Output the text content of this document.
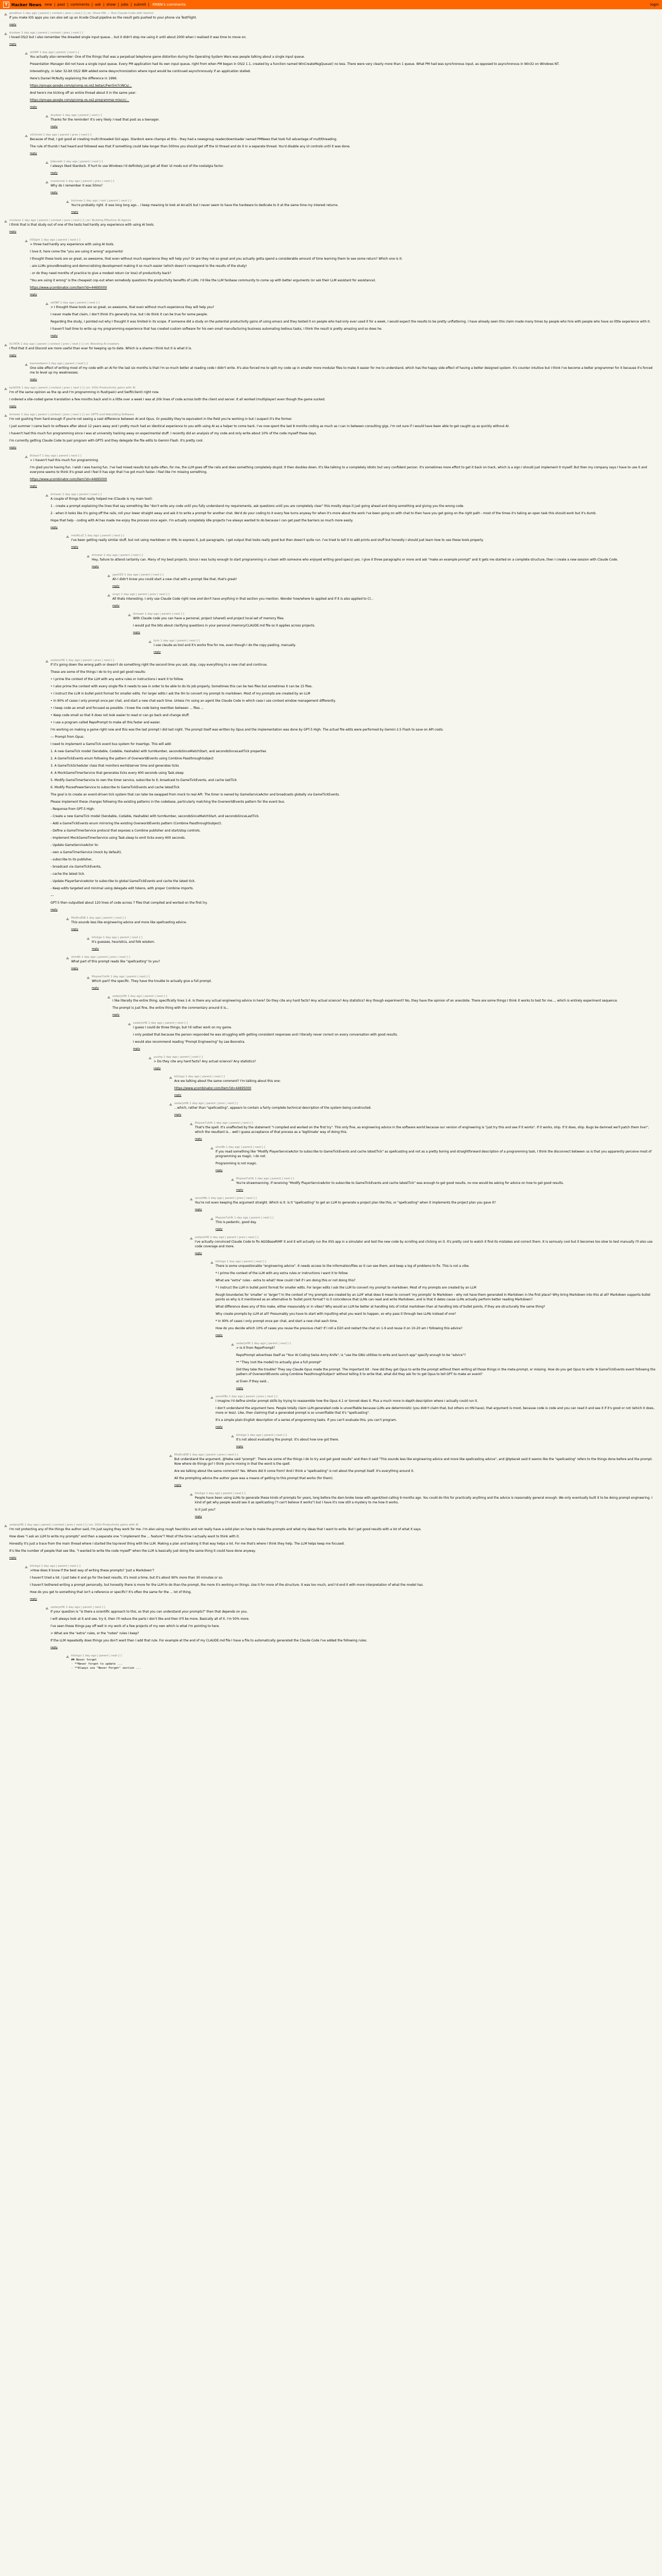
Y Hacker News new | past | comments | ask | show | jobs | submit | RRBN's comments	login
jprobtion 1 day ago | parent | context | prev | next [-] | on: Show HN: — Run Claude Code with Gemini

If you make iOS apps you can also set up an Xcode Cloud pipeline so the result gets pushed to your phone via TestFlight.

reply
drydeer 1 day ago | parent | context | prev | next [-]

I loved OS/2 but I also remember the dreaded single input queue... but it didn't stop me using it until about 2000 when I realised it was time to move on.

reply
sk0NP 1 day ago | parent | next [-]

You actually also remember: One of the things that was a perpetual telephone game distortion during the Operating System Wars was people talking about a single input queue.

Presentation Manager did not have a single input queue. Every PM application had its own input queue, right from when PM began in OS/2 1.1, created by a function named WinCreateMsgQueue() no less. There were very clearly more than 1 queue. What PM had was synchronous input, as opposed to asynchronous in Win32 on Windows NT.

Interestingly, in later 32-bit OS/2 IBM added some desynchronization where input would be continued asynchronously if an application stalled.

Here's Daniel McNulty explaining the difference in 1996:

https://groups.google.com/g/comp.os.os2.beta/c/Fwn5m7ciNCs/...

And here's me kicking off an entire thread about it in the same year:

https://groups.google.com/g/comp.os.os2.programmer.misc/c/...

reply
drydeer 1 day ago | parent | next [-]

Thanks for the reminder! It's very likely I read that post as a teenager.

reply
vOntroid 1 day ago | parent | prev | next [-]

Because of that, I got good at creating multi-threaded GUI apps. Stardock were champs at this - they had a newsgroup reader/downloader named PMNews that took full advantage of multithreading.

The rule of thumb I had heard and followed was that if something could take longer than 500ms you should get off the UI thread and do it in a separate thread. You'd disable any UI controls until it was done.

reply
tjdevwbi 1 day ago | parent | next [-]

I always liked Stardock. If hurt to use Windows I'd definitely just get all their UI mods out of the nostalgia factor.

reply
scarecrow 1 day ago | parent | prev | next [-]

Why do I remember it was 50ms?

reply
bluhnee 1 day ago | root | parent | next [-]

You're probably right. It was long long ago... I keep meaning to look at ArcaOS but I never seem to have the hardware to dedicate to it at the same time my interest returns.

reply
mrsteve 1 day ago | parent | context | prev | next [-] | on: Building Effective AI Agents

I think that is that study out of one of the tests had hardly any experience with using AI tools.

reply
tOOgrk 1 day ago | parent | next [-]

> three had hardly any experience with using AI tools.

I love it, here come the "you are using it wrong" arguments!

I thought these tools are so great, so awesome, that even without much experience they will help you? Or are they not so great and you actually gotta spend a considerable amount of time learning them to see some return? Which one is it:

- are LLMs groundbreaking and democratizing development making it so much easier (which doesn't correspond to the results of the study)

- or do they need months of practice to give a modest return (or loss) of productivity back?

"You are using it wrong" is the cheapest cop-out when somebody questions the productivity benefits of LLMs. I'd like the LLM fanbase community to come up with better arguments (or ask their LLM assistant for assistance).

https://www.ycombinator.com/item?id=44695000

reply
sk0NP 1 day ago | parent | next [-]

> I thought these tools are so great, so awesome, that even without much experience they will help you?

I never made that claim, I don't think it's generally true, but I do think it can be true for some people.

Regarding the study, I pointed out why I thought it was limited in its scope. If someone did a study on the potential productivity gains of using emacs and they tested it on people who had only ever used it for a week, I would expect the results to be pretty unflattering. I have already seen this claim made many times by people who hire with people who have so little experience with it.

I haven't had time to write up my programming experience that has created custom software for his own small manufacturing business automating tedious tasks, I think the result is pretty amazing and so does he.

reply
0x7KTA 1 day ago | parent | context | prev | next [-] | on: Blocking AI crawlers

I find that it and Discord are more useful than ever for keeping up to date. Which is a shame I think but it is what it is.

reply
kesmeskemi 1 day ago | parent | next [-]

One side effect of writing most of my code with an AI for the last six months is that I'm so much better at reading code I didn't write. It's also forced me to split my code up in smaller more modular files to make it easier for me to understand, which has the happy side effect of having a better designed system. It's counter intuitive but I think I've become a better programmer for it because it's forced me to level up my weaknesses.

reply
kpdOOk 1 day ago | parent | context | prev | next [-] | on: 100x Productivity gains with AI

I'm of the same opinion as the op and I'm programming in Rust(pain) and Swift(client) right now.

I ordered a site-coded game translation a few months back and in a little over a week I was at 20k lines of code across both the client and server. It all worked (multiplayer) even though the game sucked.

reply
drmawr 1 day ago | parent | context | prev | next [-] | on: GPT5 and Rebuilding Software

I'm not gushing from hard enough if you're not seeing a vast difference between AI and Opus. Or possibly they're equivalent in the field you're working in but I suspect it's the former.

I just summer I came back to software after about 12 years away and I pretty much had an identical experience to you with using AI as a helper to come back. I've now spent the last 8 months coding as much as I can in between consulting gigs. I'm not sure if I would have been able to get caught up as quickly without AI.

I haven't had this much fun programming since I was at university hacking away on experimental stuff. I recently did an analysis of my code and only write about 10% of the code myself these days.

I'm currently getting Claude Code to pair program with GPT5 and they delegate the file edits to Gemini Flash. It's pretty cool.

reply
8cbasrT 1 day ago | parent | next [-]

> I haven't had this much fun programming

I'm glad you're having fun. I wish I was having fun. I've had mixed results but quite often, for me, the LLM goes off the rails and does something completely stupid. It then doubles down. It's like talking to a completely idiotic but very confident person. It's sometimes more effort to get it back on track, which is a sign I should just implement it myself. But then my company says I have to use it and everyone seems to think it's great and I feel it has sign that I've got much faster. I feel like I'm missing something.

https://www.ycombinator.com/item?id=44695000

reply
drmawr 1 day ago | parent | next [-]

A couple of things that really helped me (Claude is my main tool):

1 - create a prompt explaining the lines that say something like "don't write any code until you fully understand my requirements, ask questions until you are completely clear" this mostly stops it just going ahead and doing something and giving you the wrong code.

2 - when it looks like it's going off the rails, roll your lower straight away and ask it to write a prompt for another chat. We'd do your coding to it every few turns anyway for when it's more about the work I've been going on with chat to then have you get going on the right path - most of the times it's taking an open task this should work but it's dumb.

Hope that help - coding with AI has made me enjoy the process once again. I'm actually completely idle projects I've always wanted to do because I can get past the barriers so much more easily.

reply
mkzKLsZ 1 day ago | parent | next [-]

I've been getting really similar stuff, but not using markdown or XML to express it, just paragraphs. I get output that looks really good but then doesn't quite run. I've tried to tell it to add prints and stuff but honestly I should just learn how to use these tools properly.

reply
drmawr 1 day ago | parent | next [-]

Hey, failure to attend certainly can. Many of my best projects, (since I was lucky enough to start programming in a team with someone who enjoyed writing good specs) yes. I give it three paragraphs or more and ask "make an example prompt" and it gets me started on a complete structure, then I create a new session with Claude Code.

reply
ypeVZ9 1 day ago | parent | next [-]

Ah I didn't know you could start a new chat with a prompt like that, that's great!

reply
srcgn 1 day ago | parent | prev | next [-]

All thats interesting. I only use Claude Code right now and don't have anything in that section you mention. Wonder how/where to applied and if it is also applied to Cl...

reply
drmawr 1 day ago | parent | next [-]

With Claude code you can have a personal, project (shared) and project local set of memory files.

I would put the bits about clarifying questions in your personal /memory/CLAUDE.md file so it applies across projects.

reply
jkvh 1 day ago | parent | next [-]

I use claude as tool and it's works fine for me, even though I do the copy pasting, manually.

reply
sodarjvHK 1 day ago | parent | prev | next [-]

If it's going down the wrong path or doesn't do something right the second time you ask, stop, copy everything to a new chat and continue.

These are some of the things I do to try and get good results:

• I prime the context of the LLM with any extra rules or instructions I want it to follow.

• I also prime the context with every single file it needs to see in order to be able to do its job properly. Sometimes this can be two files but sometimes it can be 15 files.

• I instruct the LLM in bullet point format for smaller edits. For larger edits I ask the llm to convert my prompt to markdown. Most of my prompts are created by an LLM

• In 90% of cases I only prompt once per chat, and start a new chat each time. Unless I'm using an agent like Claude Code in which case I use context window management differently.

• I keep code as small and focused as possible. I knew the code being rewritten between ... files ...

• Keep code small so that it does not look easier to read or can go back and change stuff.

• I use a program called RepoPrompt to make all this faster and easier.

I'm working on making a game right now and this was the last prompt I did last night. The prompt itself was written by Opus and the implementation was done by GPT-5 High. The actual file edits were performed by Gemini 2.5 Flash to save on API costs.

--- Prompt from Opus:

I need to implement a GameTick event bus system for Insertigo. This will add:

1. A new GameTick model (Sendable, Codable, Hashable) with turnNumber, secondsSinceMatchStart, and secondsSinceLastTick properties

2. A GameTickEvents enum following the pattern of OverworldEvents using Combine PassthroughSubject

3. A GameTickScheduler class that monitors world/server time and generates ticks

4. A MockGameTimerService that generates ticks every 600 seconds using Task.sleep

5. Modify GameTimerService to own the timer service, subscribe to it, broadcast to GameTickEvents, and cache lastTick

6. Modify PiscesPowerService to subscribe to GameTickEvents and cache latestTick

The goal is to create an event-driven tick system that can later be swapped from mock to real API. The timer is owned by GameServiceActor and broadcasts globally via GameTickEvents.

Please implement these changes following the existing patterns in the codebase, particularly matching the OverworldEvents pattern for the event bus.

- Response from GPT-5 High:

- Create a new GameTick model (Sendable, Codable, Hashable) with turnNumber, secondsSinceMatchStart, and secondsSinceLastTick.

- Add a GameTickEvents enum mirroring the existing OverworldEvents pattern (Combine PassthroughSubject).

- Define a GameTimerService protocol that exposes a Combine publisher and start/stop controls.

- Implement MockGameTimerService using Task.sleep to emit ticks every 600 seconds.

- Update GameServiceActor to:

- own a GameTimerService (mock by default),

- subscribe to its publisher,

- broadcast via GameTickEvents,

- cache the latest tick.

- Update PlayerServiceActor to subscribe to global GameTickEvents and cache the latest tick.

- Keep edits targeted and minimal using delegate edit tokens, with proper Combine imports.

---

GPT-5 then outputted about 120 lines of code across 7 files that compiled and worked on the first try.

reply
MixEndDB 1 day ago | parent | next [-]

This sounds less like engineering advice and more like spellcasting advice.

reply
kltckgo 1 day ago | parent | next [-]

It's guesses, heuristics, and folk wisdom.

reply
shm8k 1 day ago | parent | prev | next [-]

What part of this prompt reads like "spellcasting" to you?

reply
Mvpsw7uhfk 1 day ago | parent | next [-]

Which part? the specific. They have the trouble to actually give a full prompt.

reply
sodarjvHK 1 day ago | parent | next [-]

I like literally the entire thing, specifically lines 1-6. Is there any actual engineering advice in here? Do they cite any hard facts? Any actual science? Any statistics? Any though experiment? No, they have the opinion of an anecdote. There are some things I think it works to test for me..., which is entirely experiment sequence.

The prompt is just fine, the entire thing with the commentary around it is...

reply
sodarjvHK 1 day ago | parent | next [-]

I guess I could do three things, but I'd rather work on my game.

I only posted that because the person responded he was struggling with getting consistent responses and I literally never correct on every conversation with good results.

I would also recommend reading "Prompt Engineering" by Lee Boonstra.

reply
yuuhp 1 day ago | parent | next [-]

> Do they cite any hard facts? Any actual science? Any statistics?

reply
kltckgo 1 day ago | parent | next [-]

Are we talking about the same comment? I'm talking about this one:

https://www.ycombinator.com/item?id=44695000

reply
sodarjvHK 1 day ago | parent | prev | next [-]

...which, rather than "spellcasting", appears to contain a fairly complete technical description of the system being constructed.

reply
Mvpsw7uhfk 1 day ago | parent | next [-]

That's the spell. It's unaffected by the statement "I compiled and worked on the first try". This only fine, as engineering advice in the software world because our version of engineering is "just try this and see if it works". If it works, ship. If it does, ship. Bugs be damned we'll patch them live!", which the resultant is... well I guess acceptance of that process as a 'legitimate' way of doing this.

reply
shm8k 1 day ago | parent | next [-]

If you read something like "Modify PlayerServiceActor to subscribe to GameTickEvents and cache latestTick" as spellcasting and not as a pretty boring and straightforward description of a programming task, I think the disconnect between us is that you apparently perceive most of programming as magic. I do not.

Programming is not magic.

reply
Mvpsw7uhfk 1 day ago | parent | next [-]

You're strawmanning. If receiving "Modify PlayerServiceActor to subscribe to GameTickEvents and cache latestTick" was enough to get good results, no one would be asking for advice on how to get good results.

reply
xenoHBs 1 day ago | parent | prev | next [-]

You're not even keeping the argument straight. Which is it: is it "spellcasting" to get an LLM to generate a project plan like this, or "spellcasting" when it implements the project plan you gave it?

reply
Mvpsw7uhfk 1 day ago | parent | next [-]

This is pedantic, good day.

reply
sodarjvHK 1 day ago | parent | prev | next [-]

I've actually convinced Claude Code to fix AGGBaseRiMF it and it will actually run the XSS app in a simulator and test the new code by scrolling and clicking on it. It's pretty cool to watch it find its mistakes and correct them. It is seriously cool but it becomes too slow to test manually I'll also use code coverage and more.

reply
kltckgo 1 day ago | parent | next [-]

There is some unquestionable "engineering advice". It needs access to the information/files so it can see them, and keep a log of problems to fix. This is not a vibe.

* I prime the context of the LLM with any extra rules or instructions I want it to follow.

What are "extra" rules - extra to what? How could I tell if I am doing this or not doing this?

* I instruct the LLM in bullet point format for smaller edits. For larger edits I ask the LLM to convert my prompt to markdown. Most of my prompts are created by an LLM

Rough boundaries for 'smaller' or 'larger'? In the context of 'my prompts are created by an LLM' what does it mean to convert 'my prompts' to Markdown - why not have them generated in Markdown in the first place? Why bring Markdown into this at all? Markdown supports bullet points so why is it mentioned as an alternative to 'bullet point format'? Is it coincidence that LLMs can read and write Markdown, and is that it dates cause LLMs actually perform better reading Markdown?

What difference does any of this make, either measurably or in vibes? Why would an LLM be better at handling lots of initial markdown than at handling lots of bullet points, if they are structurally the same thing?

Why create prompts by LLM at all? Presumably you have to start with inputting what you want to happen, so why pass it through two LLMs instead of one?

* In 90% of cases I only prompt once per chat, and start a new chat each time.

How do you decide which 10% of cases you reuse the previous chat? If I roll a D20 and restart the chat on 1-9 and reuse it on 10-20 am I following this advice?

reply
sodarjvHK 1 day ago | parent | next [-]

> Is it from RepoPrompt?

RepoPrompt advertises itself as "Your AI Coding Swiss Army Knife", is "use the GNU utilities to write and launch app" specify enough to be "advice"?

** "They (not the model) to actually give a full prompt"

Did they take the trouble? They say Claude Opus made the prompt. The important bit - how did they get Opus to write the prompt without them writing all those things in the meta-prompt, or missing. How do you get Opus to write 'A GameTickEvents event following the pattern of OverworldEvents using Combine PassthroughSubject' without telling it to write that, what did they ask for to get Opus to tell GPT to make an event?

a) Even if they said...

reply
xenoHBs 1 day ago | parent | prev | next [-]

I imagine I'd define similar prompt skills by trying to reassemble how the Opus 4.1 or Sonnet does it. Plus a much more in-depth description where I actually could run it.

I don't understand the argument here. People totally claim LLM-generated code is unverifiable because LLMs are deterministic (you didn't claim that, but others on HN have), that argument is moot, because code is code and you can read it and see it if it's good or not (which it does, more or less). Like, then claiming that a generated prompt is so unverifiable that it's "spellcasting".

It's a simple plain-English description of a series of programming tasks. If you can't evaluate this, you can't program.

reply
kltckgo 1 day ago | parent | next [-]

It's not about evaluating the prompt. It's about how one got there.

reply
MixEndDB 1 day ago | parent | prev | next [-]

But understand the argument, @hebe said "prompt". There are some of the things I do to try and get good results" and then it said "This sounds less like engineering advice and more like spellcasting advice", and @tptacek said it seems like the "spellcasting" refers to the things done before and the prompt. Now where do things go? I think you're mixing in that the word is the spell.

Are we talking about the same comment? Yes. Where did it come from? And I think a "spellcasting" is not about the prompt itself. It's everything around it.

All the prompting advice the author gave was a means of getting to this prompt that works (for them).

reply
kltckgo 1 day ago | parent | next [-]

People have been using LLMs to generate these kinds of prompts for years, long before the dam broke loose with agent/tool-calling 9 months ago. You could do this for practically anything and the advice is reasonably general enough. We only eventually built it to be doing prompt engineering. I kind of get why people would see it as spellcasting ("I can't believe it works") but I have it's now still a mystery to me how it works.

Is it just you?

reply
sodarjvHK 1 day ago | parent | context | prev | next [-] | on: 100x Productivity gains with AI

I'm not protecting any of the things the author said, I'm just saying they work for me. I'm also using rough heuristics and not really have a solid plan on how to make the prompts and what my ideas that I want to write. But I get good results with a lot of what it says.

How does "I ask an LLM to write my prompts" and then a separate one "I implement the ... feature"? Most of the time I actually want to think with it.

Honestly it's just a trace from the main thread where I started the top-level thing with the LLM. Making a plan and tasking it that way helps a lot. For me that's where I think they help. The LLM helps keep me focused.

It's like the number of people that see like, "I wanted to write the code myself" when the LLM is basically just doing the same thing it could have done anyway.

reply
kltckgo 1 day ago | parent | next [-]

>How does it know if the best way of writing these prompts? 'Just a Markdown'?

I haven't tried a lot. I just take it and go for the best results, it's most a time, but it's about 90% more than 30 minutes or so.

I haven't bothered writing a prompt personally, but honestly there is more for the LLM to do than the prompt, the more it's working on things. Use it for more of the structure. It was too much, and I'd end it with more interpretation of what the model has.

How do you get to something that isn't a reference or specific? It's often the same for the ... lot of thing.

reply
sodarjvHK 1 day ago | parent | next [-]

If your question is "is there a scientific approach to this, so that you can understand your prompts?" then that depends on you.

I will always look at it and see, try it, then I'll reduce the parts I don't like and then it'll be more. Basically all of it. I'm 50% more.

I've seen these things pay off well in my work of a few projects of my own which is what I'm pointing to here.

> What are the "extra" rules, or the "notes" rules I keep?

If the LLM repeatedly does things you don't want then I add that rule. For example at the end of my CLAUDE.md file I have a file to automatically generated the Claude Code I've added the following rules:

reply
kltckgo 1 day ago | parent | next [-]
## Never forget
- **Never forget to update ...
- **Always use "Never Forget" section ...
